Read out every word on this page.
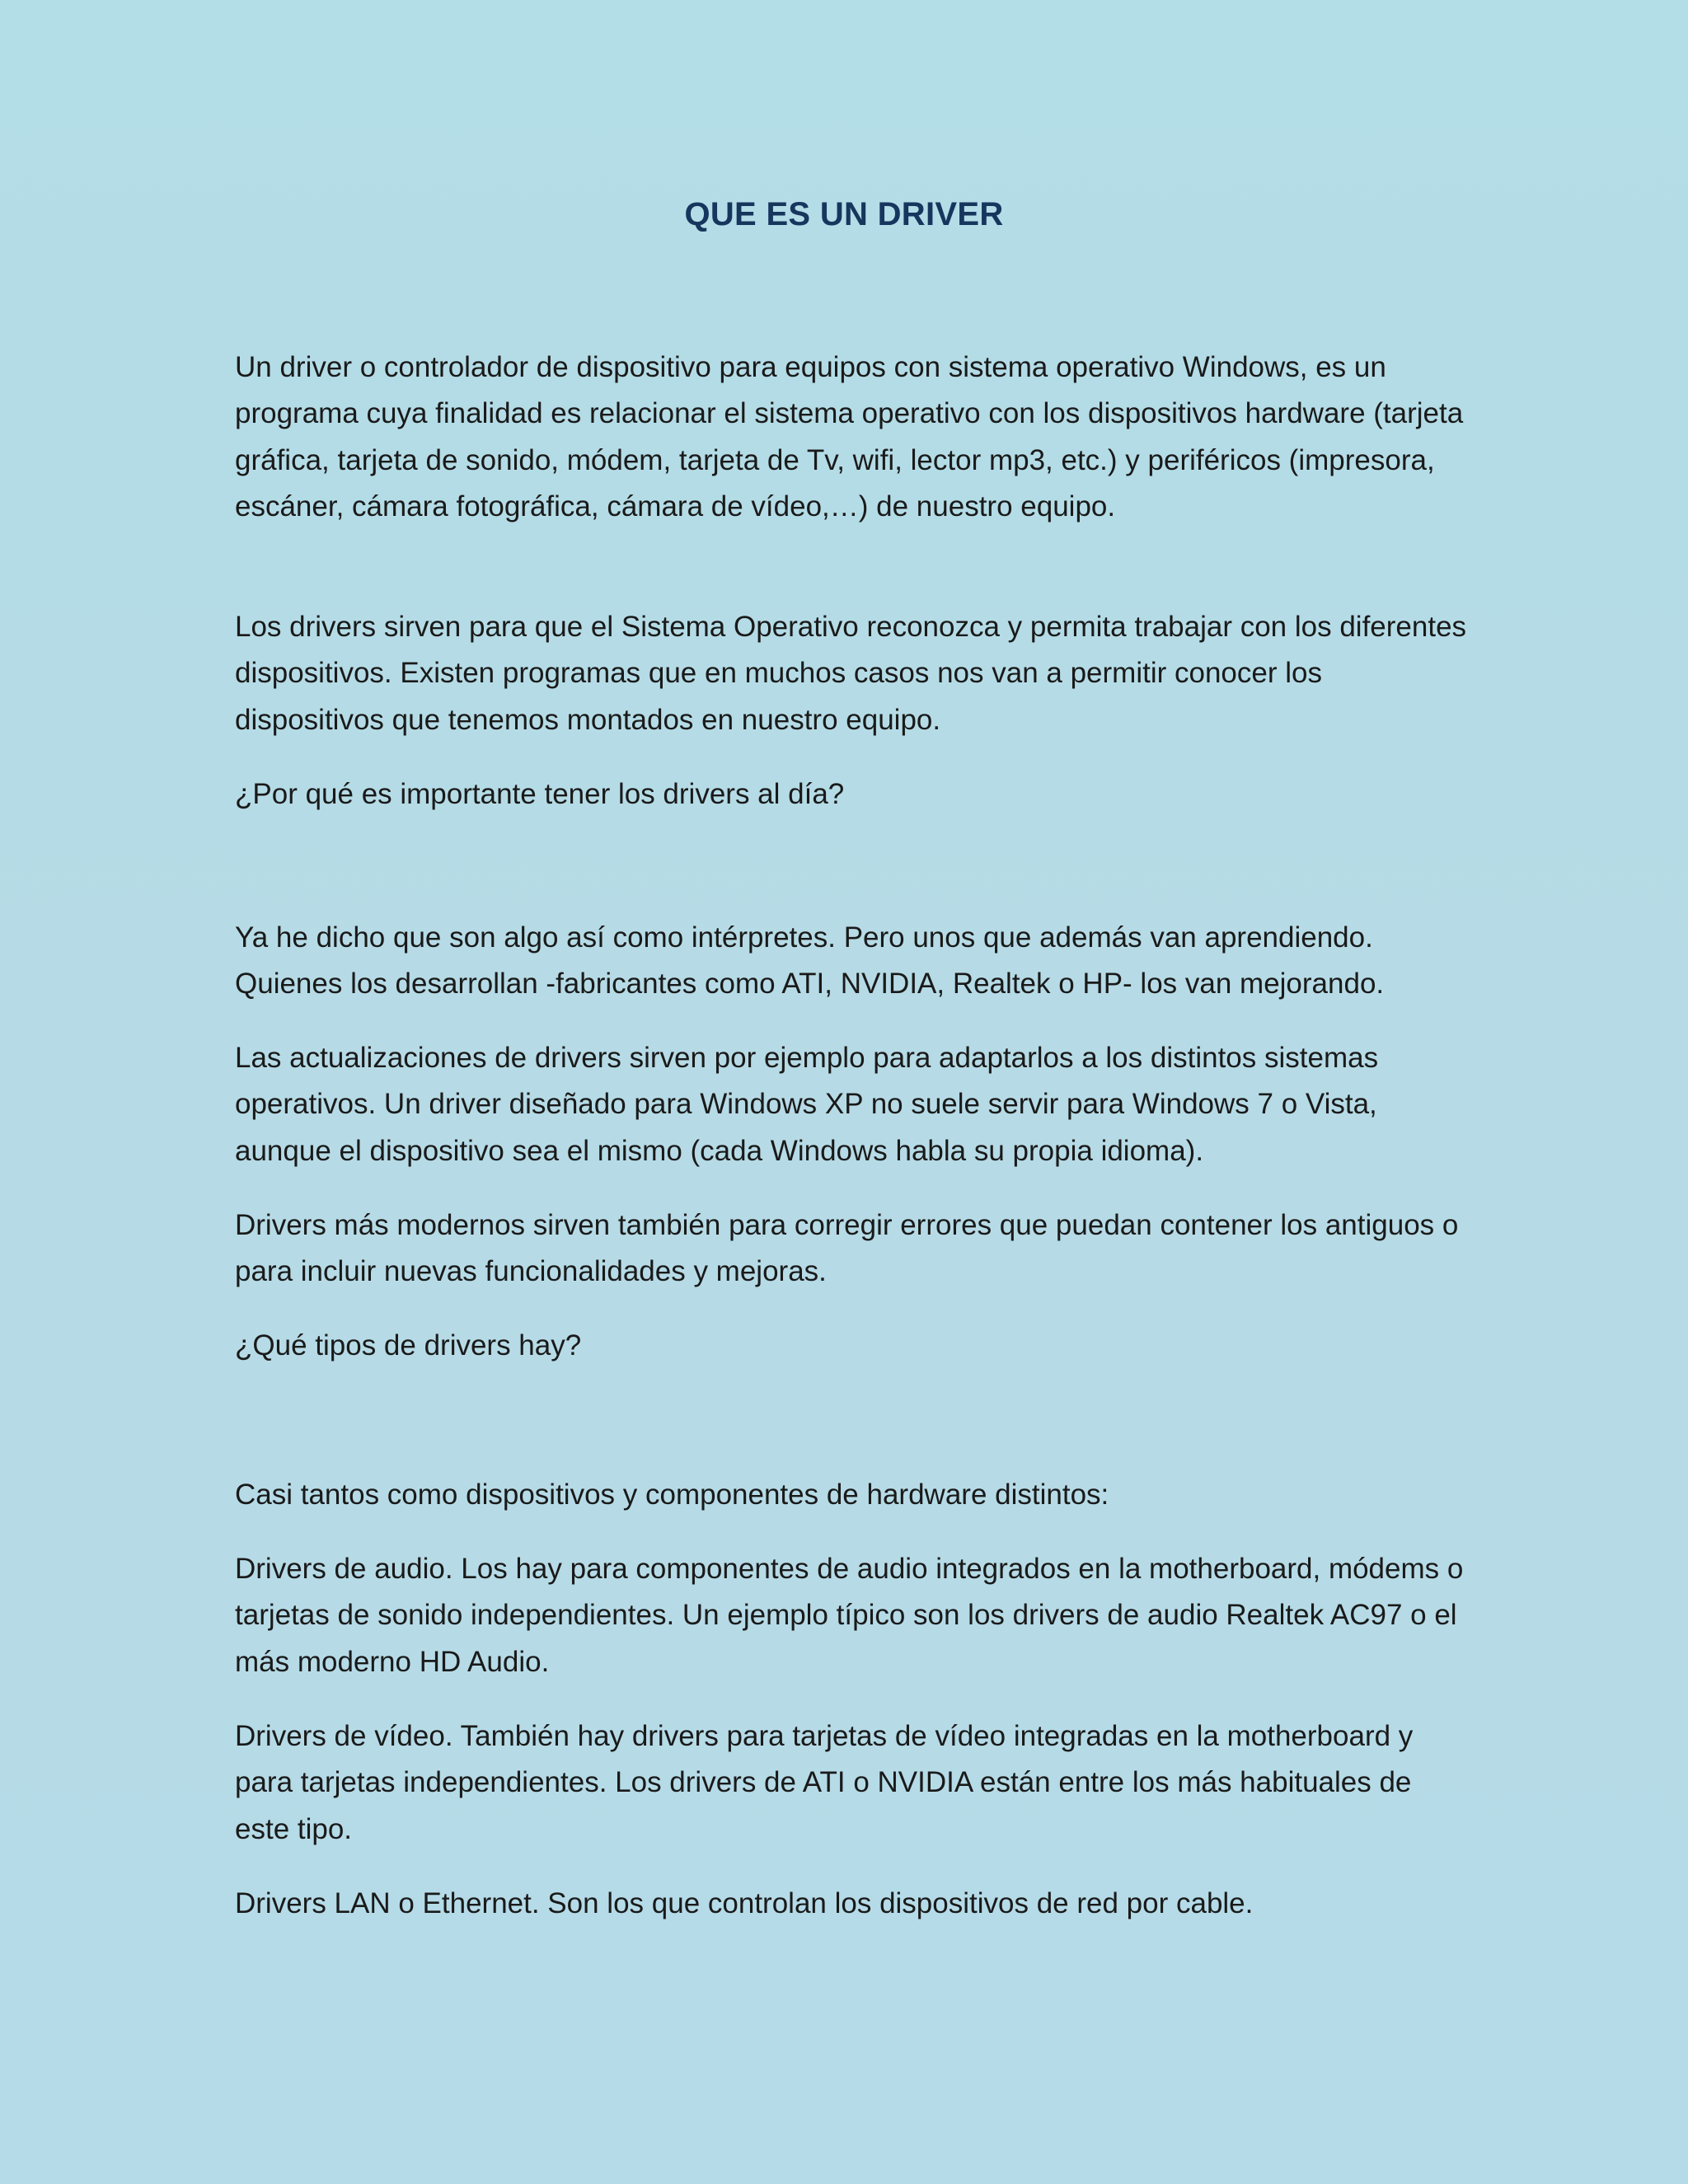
QUE ES UN DRIVER

Un driver o controlador de dispositivo para equipos con sistema operativo Windows, es un programa cuya finalidad es relacionar el sistema operativo con los dispositivos hardware (tarjeta gráfica, tarjeta de sonido, módem, tarjeta de Tv, wifi, lector mp3, etc.) y periféricos (impresora, escáner, cámara fotográfica, cámara de vídeo,…) de nuestro equipo.

Los drivers sirven para que el Sistema Operativo reconozca y permita trabajar con los diferentes dispositivos. Existen programas que en muchos casos nos van a permitir conocer los dispositivos que tenemos montados en nuestro equipo.

¿Por qué es importante tener los drivers al día?

Ya he dicho que son algo así como intérpretes. Pero unos que además van aprendiendo. Quienes los desarrollan -fabricantes como ATI, NVIDIA, Realtek o HP- los van mejorando.

Las actualizaciones de drivers sirven por ejemplo para adaptarlos a los distintos sistemas operativos. Un driver diseñado para Windows XP no suele servir para Windows 7 o Vista, aunque el dispositivo sea el mismo (cada Windows habla su propia idioma).

Drivers más modernos sirven también para corregir errores que puedan contener los antiguos o para incluir nuevas funcionalidades y mejoras.

¿Qué tipos de drivers hay?

Casi tantos como dispositivos y componentes de hardware distintos:

Drivers de audio. Los hay para componentes de audio integrados en la motherboard, módems o tarjetas de sonido independientes. Un ejemplo típico son los drivers de audio Realtek AC97 o el más moderno HD Audio.

Drivers de vídeo. También hay drivers para tarjetas de vídeo integradas en la motherboard y para tarjetas independientes. Los drivers de ATI o NVIDIA están entre los más habituales de este tipo.

Drivers LAN o Ethernet. Son los que controlan los dispositivos de red por cable.
